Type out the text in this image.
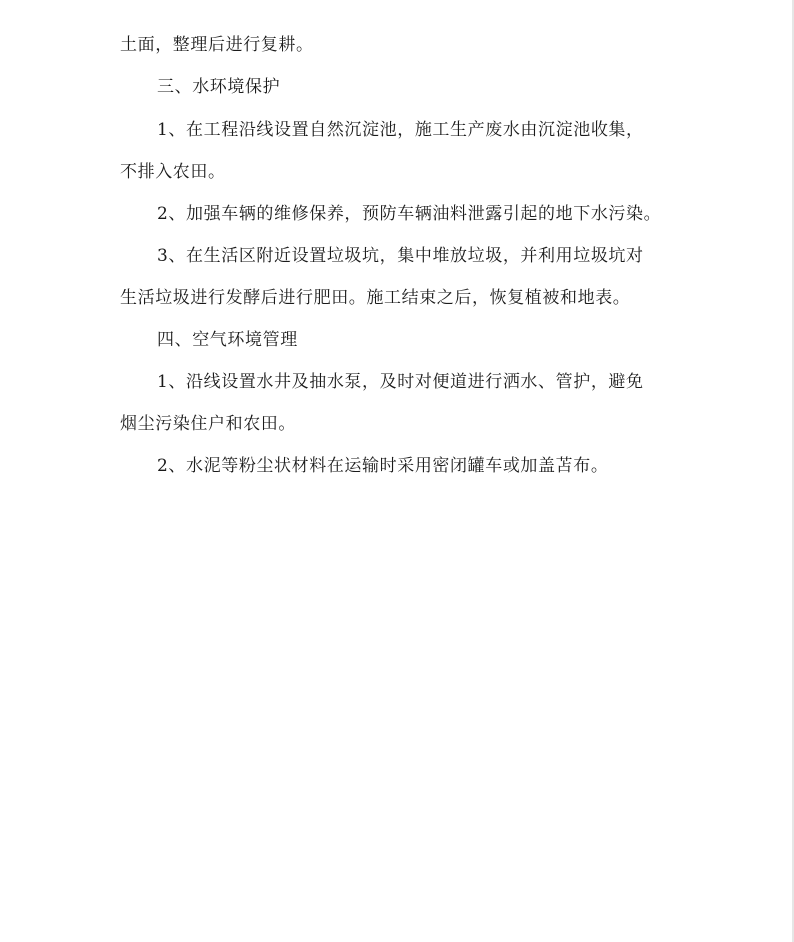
土面，整理后进行复耕。
三、水环境保护
1、在工程沿线设置自然沉淀池，施工生产废水由沉淀池收集，
不排入农田。
2、加强车辆的维修保养，预防车辆油料泄露引起的地下水污染。
3、在生活区附近设置垃圾坑，集中堆放垃圾，并利用垃圾坑对
生活垃圾进行发酵后进行肥田。施工结束之后，恢复植被和地表。
四、空气环境管理
1、沿线设置水井及抽水泵，及时对便道进行洒水、管护，避免
烟尘污染住户和农田。
2、水泥等粉尘状材料在运输时采用密闭罐车或加盖苫布。
